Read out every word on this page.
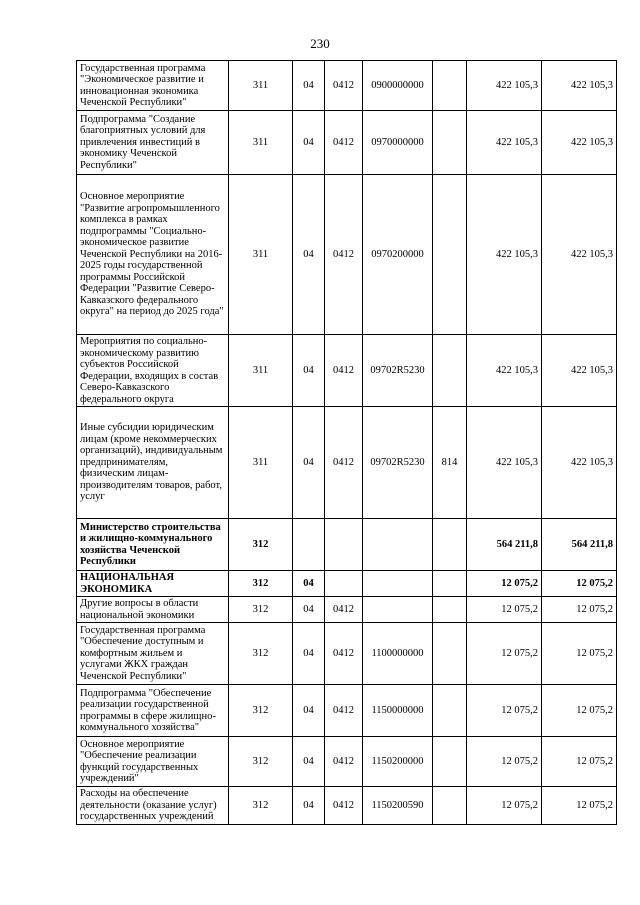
230
Государственная программа "Экономическое развитие и инновационная экономика Чеченской Республики"	311	04	0412	0900000000		422 105,3	422 105,3
Подпрограмма "Создание благоприятных условий для привлечения инвестиций в экономику Чеченской Республики"	311	04	0412	0970000000		422 105,3	422 105,3
Основное мероприятие "Развитие агропромышленного комплекса в рамках подпрограммы "Социально-экономическое развитие Чеченской Республики на 2016-2025 годы государственной программы Российской Федерации "Развитие Северо-Кавказского федерального округа" на период до 2025 года"	311	04	0412	0970200000		422 105,3	422 105,3
Мероприятия по социально-экономическому развитию субъектов Российской Федерации, входящих в состав Северо-Кавказского федерального округа	311	04	0412	09702R5230		422 105,3	422 105,3
Иные субсидии юридическим лицам (кроме некоммерческих организаций), индивидуальным предпринимателям, физическим лицам-производителям товаров, работ, услуг	311	04	0412	09702R5230	814	422 105,3	422 105,3
Министерство строительства и жилищно-коммунального хозяйства Чеченской Республики	312					564 211,8	564 211,8
НАЦИОНАЛЬНАЯ ЭКОНОМИКА	312	04				12 075,2	12 075,2
Другие вопросы в области национальной экономики	312	04	0412			12 075,2	12 075,2
Государственная программа "Обеспечение доступным и комфортным жильем и услугами ЖКХ граждан Чеченской Республики"	312	04	0412	1100000000		12 075,2	12 075,2
Подпрограмма "Обеспечение реализации государственной программы в сфере жилищно-коммунального хозяйства"	312	04	0412	1150000000		12 075,2	12 075,2
Основное мероприятие "Обеспечение реализации функций государственных учреждений"	312	04	0412	1150200000		12 075,2	12 075,2
Расходы на обеспечение деятельности (оказание услуг) государственных учреждений	312	04	0412	1150200590		12 075,2	12 075,2
